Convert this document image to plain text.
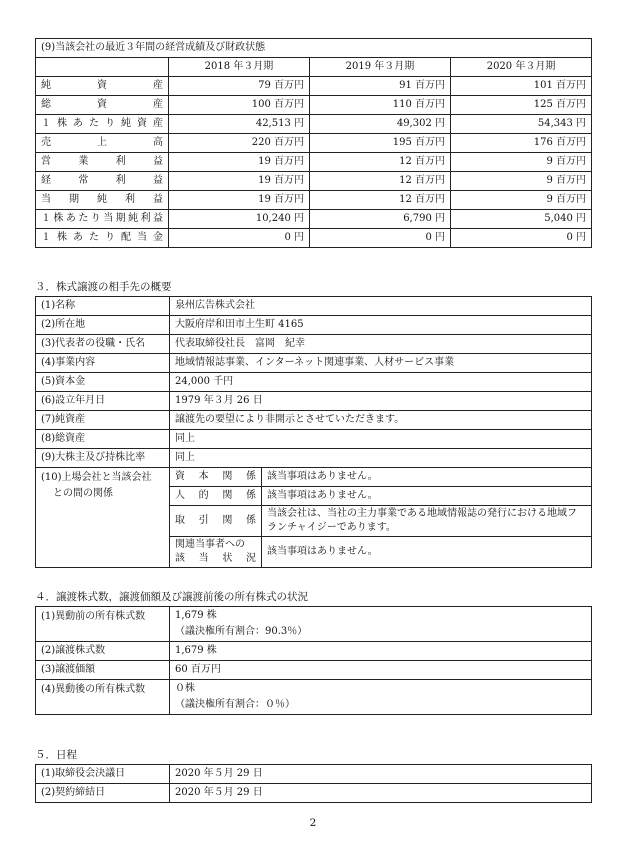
(9)当該会社の最近３年間の経営成績及び財政状態			
	2018 年３月期	2019 年３月期	2020 年３月期
純資産	79 百万円	91 百万円	101 百万円
総資産	100 百万円	110 百万円	125 百万円
１株あたり純資産	42,513 円	49,302 円	54,343 円
売上高	220 百万円	195 百万円	176 百万円
営業利益	19 百万円	12 百万円	9 百万円
経常利益	19 百万円	12 百万円	9 百万円
当期純利益	19 百万円	12 百万円	9 百万円
１株あたり当期純利益	10,240 円	6,790 円	5,040 円
１株あたり配当金	0 円	0 円	0 円
３．株式譲渡の相手先の概要
(1)名称	泉州広告株式会社	
(2)所在地	大阪府岸和田市土生町 4165	
(3)代表者の役職・氏名	代表取締役社長　富岡　紀幸	
(4)事業内容	地域情報誌事業、インターネット関連事業、人材サービス事業	
(5)資本金	24,000 千円	
(6)設立年月日	1979 年３月 26 日	
(7)純資産	譲渡先の要望により非開示とさせていただきます。	
(8)総資産	同上	
(9)大株主及び持株比率	同上	

(10)上場会社と当該会社
との間の関係	資本関係	該当事項はありません。
	人的関係	該当事項はありません。
	取引関係	当該会社は、当社の主力事業である地域情報誌の発行における地域フランチャイジーであります。

	関連当事者への
該当状況	該当事項はありません。
４．譲渡株式数，譲渡価額及び譲渡前後の所有株式の状況
(1)異動前の所有株式数	1,679 株
（議決権所有割合：90.3％）

(2)譲渡株式数	1,679 株
(3)譲渡価額	60 百万円
(4)異動後の所有株式数	０株
（議決権所有割合：０％）
５．日程
(1)取締役会決議日	2020 年５月 29 日
(2)契約締結日	2020 年５月 29 日
2
